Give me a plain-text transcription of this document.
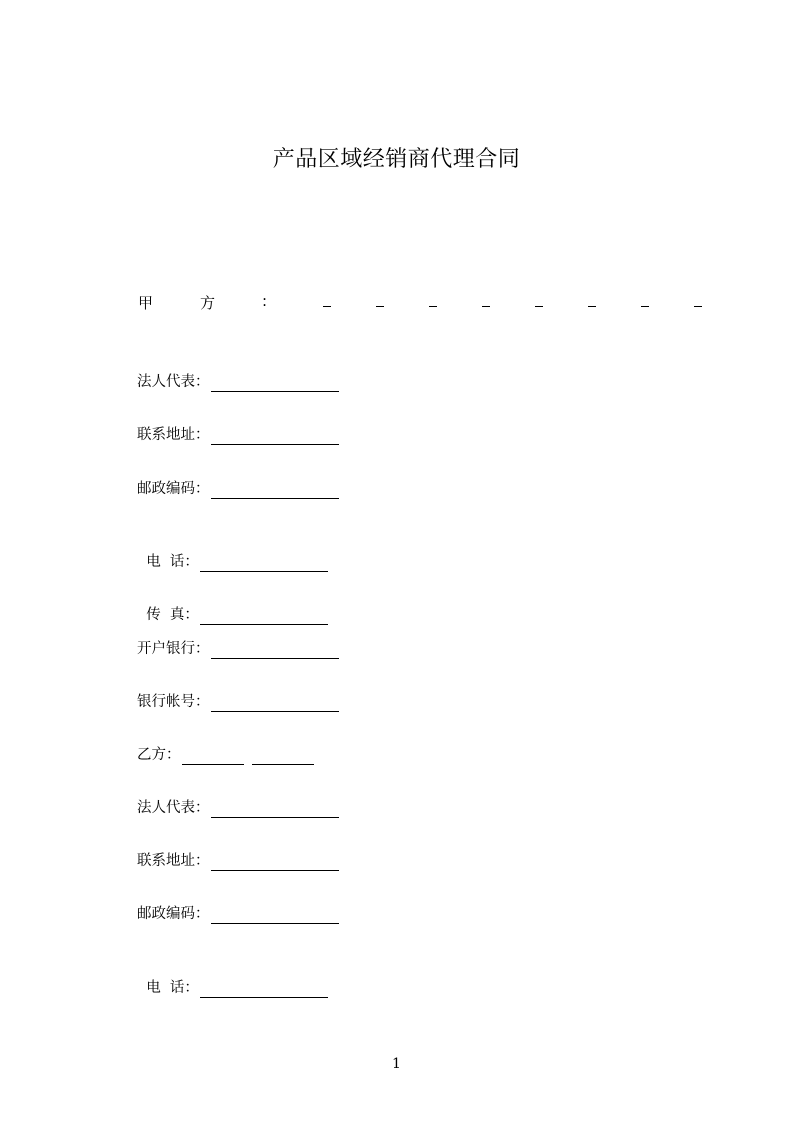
产品区域经销商代理合同
甲	方	:
法人代表：
联系地址：
邮政编码：

电  话：

传  真：

开户银行：
银行帐号：
乙方：
法人代表：
联系地址：
邮政编码：

电  话：

1
